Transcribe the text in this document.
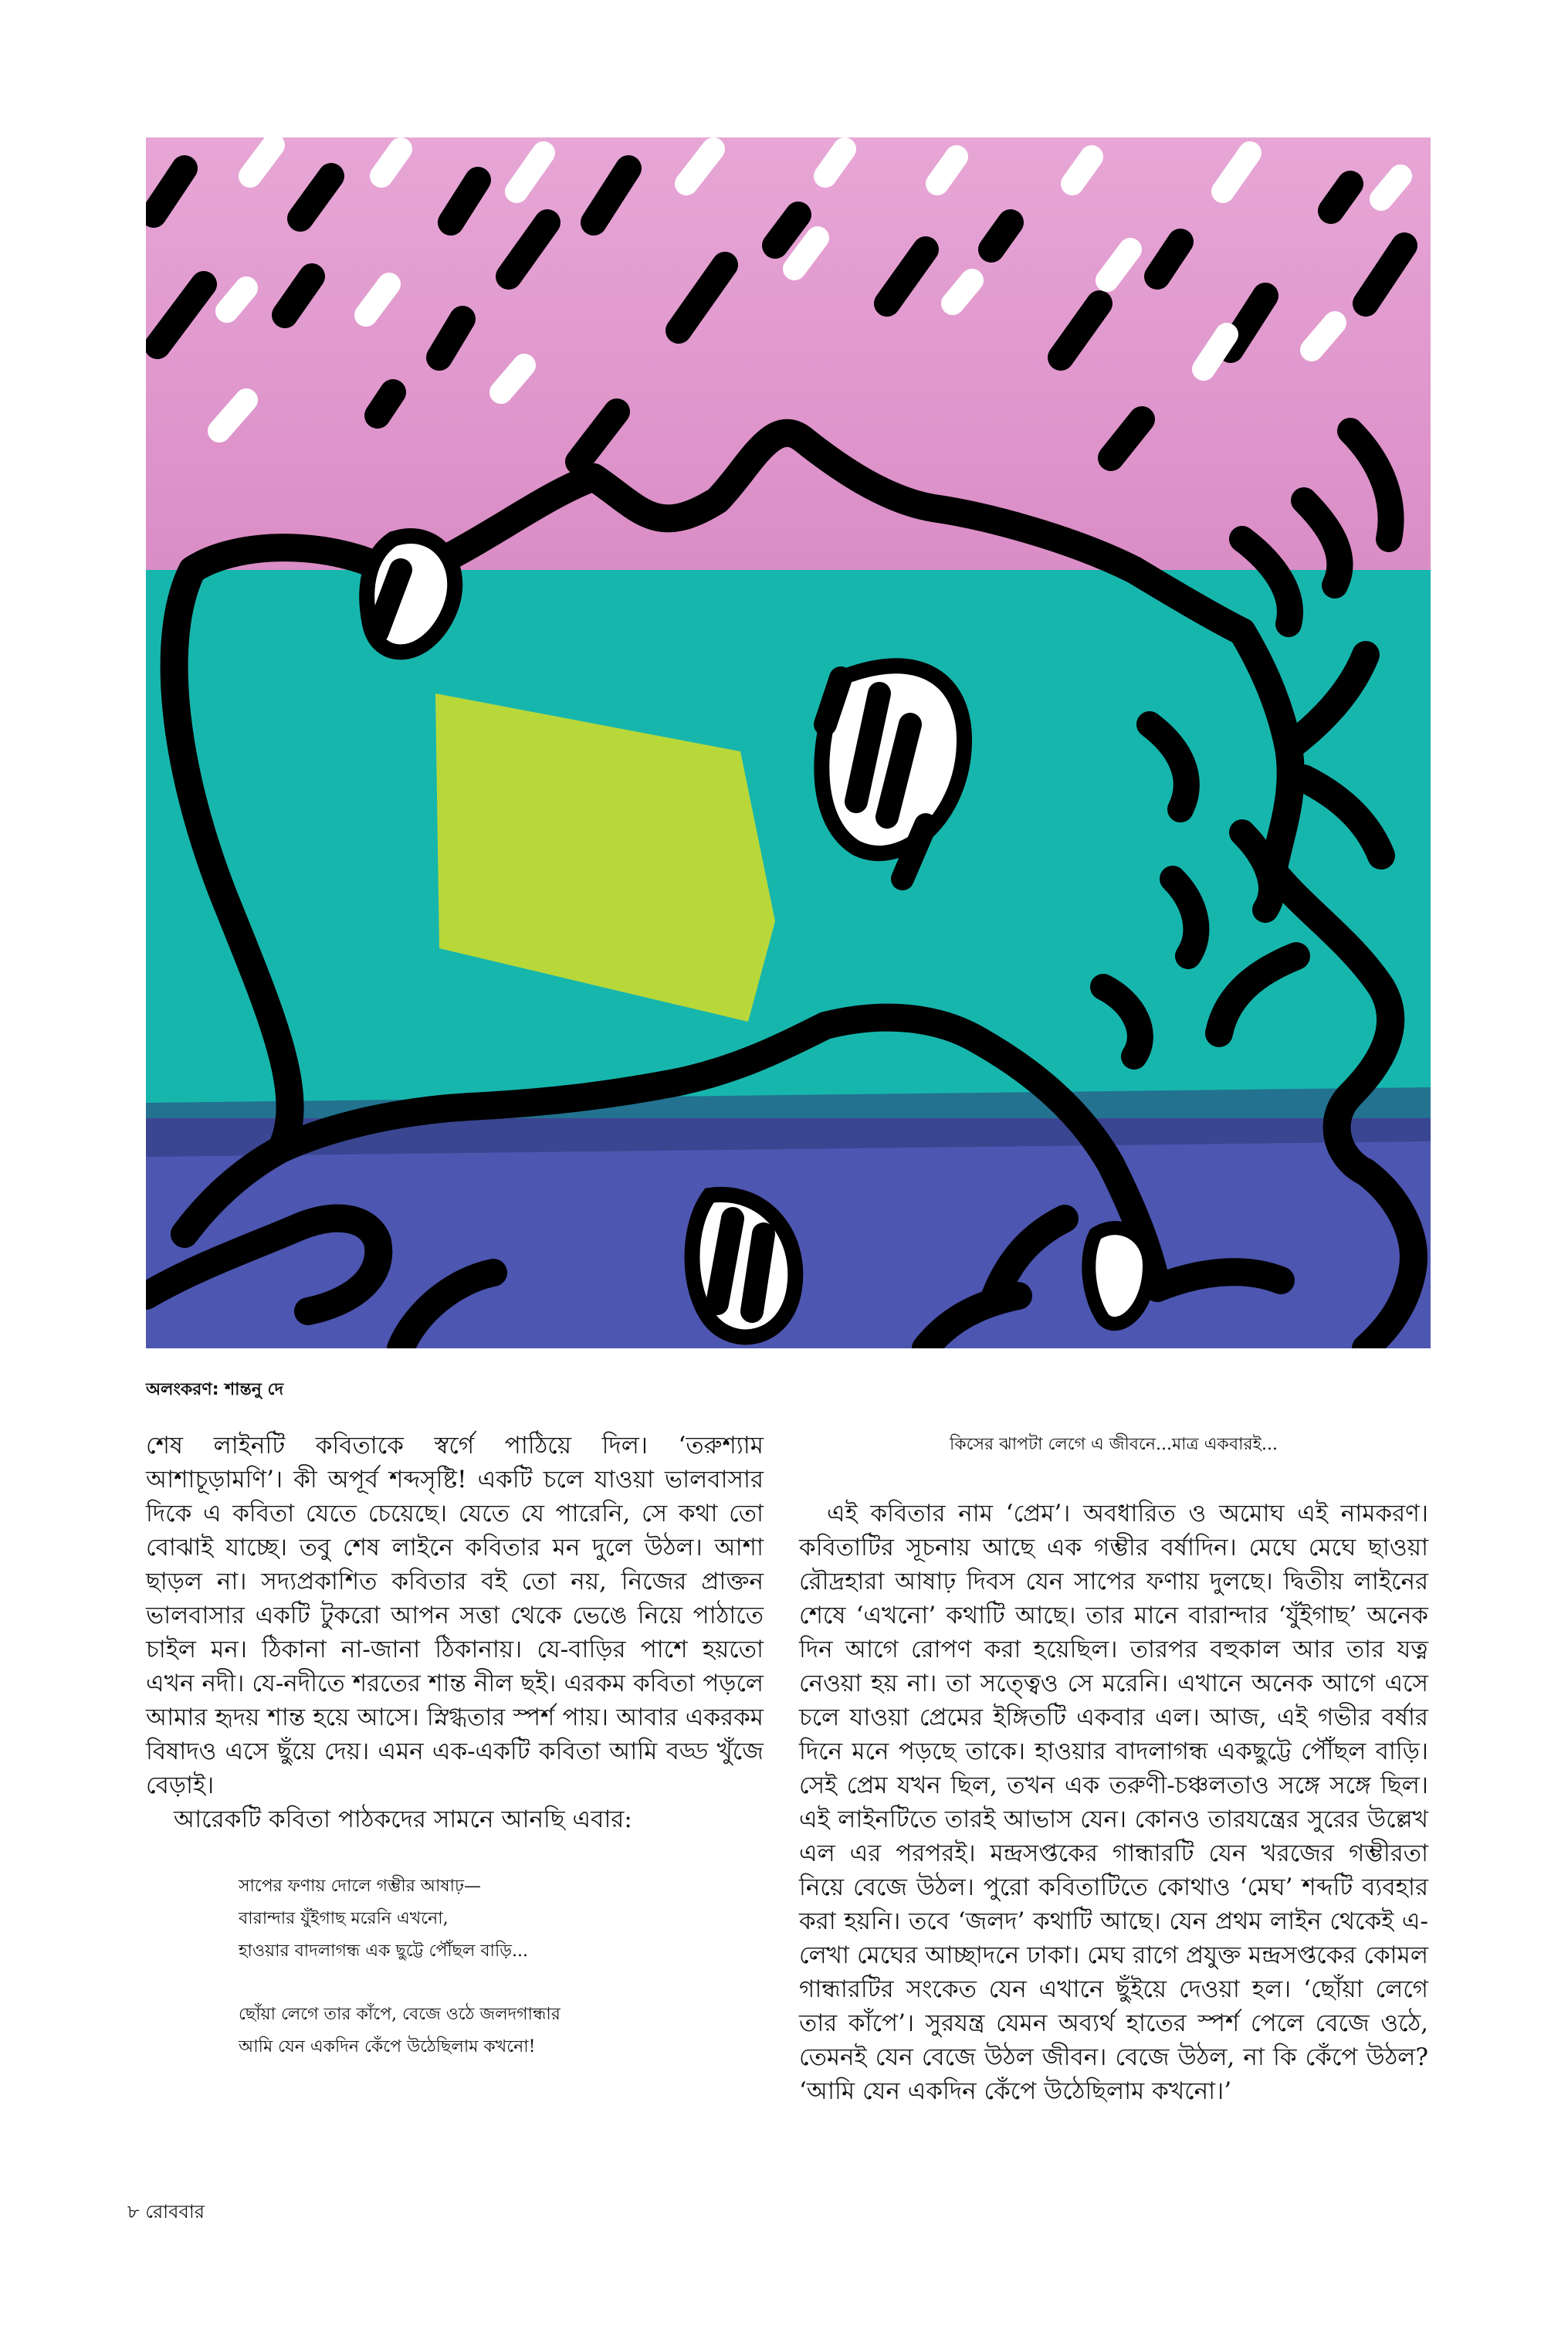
অলংকরণ: শান্তনু দে

শেষ লাইনটি কবিতাকে স্বর্গে পাঠিয়ে দিল। ‘তরুশ্যাম আশাচূড়ামণি’। কী অপূর্ব শব্দসৃষ্টি! একটি চলে যাওয়া ভালবাসার দিকে এ কবিতা যেতে চেয়েছে। যেতে যে পারেনি, সে কথা তো বোঝাই যাচ্ছে। তবু শেষ লাইনে কবিতার মন দুলে উঠল। আশা ছাড়ল না। সদ্যপ্রকাশিত কবিতার বই তো নয়, নিজের প্রাক্তন ভালবাসার একটি টুকরো আপন সত্তা থেকে ভেঙে নিয়ে পাঠাতে চাইল মন। ঠিকানা না-জানা ঠিকানায়। যে-বাড়ির পাশে হয়তো এখন নদী। যে-নদীতে শরতের শান্ত নীল ছই। এরকম কবিতা পড়লে আমার হৃদয় শান্ত হয়ে আসে। স্নিগ্ধতার স্পর্শ পায়। আবার একরকম বিষাদও এসে ছুঁয়ে দেয়। এমন এক-একটি কবিতা আমি বড্ড খুঁজে বেড়াই।

আরেকটি কবিতা পাঠকদের সামনে আনছি এবার:

সাপের ফণায় দোলে গম্ভীর আষাঢ়—

বারান্দার যুঁইগাছ মরেনি এখনো,

হাওয়ার বাদলাগন্ধ এক ছুট্টে পৌঁছল বাড়ি...

ছোঁয়া লেগে তার কাঁপে, বেজে ওঠে জলদগান্ধার

আমি যেন একদিন কেঁপে উঠেছিলাম কখনো!

কিসের ঝাপটা লেগে এ জীবনে...মাত্র একবারই...

এই কবিতার নাম ‘প্রেম’। অবধারিত ও অমোঘ এই নামকরণ। কবিতাটির সূচনায় আছে এক গম্ভীর বর্ষাদিন। মেঘে মেঘে ছাওয়া রৌদ্রহারা আষাঢ় দিবস যেন সাপের ফণায় দুলছে। দ্বিতীয় লাইনের শেষে ‘এখনো’ কথাটি আছে। তার মানে বারান্দার ‘যুঁইগাছ’ অনেক দিন আগে রোপণ করা হয়েছিল। তারপর বহুকাল আর তার যত্ন নেওয়া হয় না। তা সত্ত্বেও সে মরেনি। এখানে অনেক আগে এসে চলে যাওয়া প্রেমের ইঙ্গিতটি একবার এল। আজ, এই গভীর বর্ষার দিনে মনে পড়ছে তাকে। হাওয়ার বাদলাগন্ধ একছুট্টে পৌঁছল বাড়ি। সেই প্রেম যখন ছিল, তখন এক তরুণী-চঞ্চলতাও সঙ্গে সঙ্গে ছিল। এই লাইনটিতে তারই আভাস যেন। কোনও তারযন্ত্রের সুরের উল্লেখ এল এর পরপরই। মন্দ্রসপ্তকের গান্ধারটি যেন খরজের গম্ভীরতা নিয়ে বেজে উঠল। পুরো কবিতাটিতে কোথাও ‘মেঘ’ শব্দটি ব্যবহার করা হয়নি। তবে ‘জলদ’ কথাটি আছে। যেন প্রথম লাইন থেকেই এ-লেখা মেঘের আচ্ছাদনে ঢাকা। মেঘ রাগে প্রযুক্ত মন্দ্রসপ্তকের কোমল গান্ধারটির সংকেত যেন এখানে ছুঁইয়ে দেওয়া হল। ‘ছোঁয়া লেগে তার কাঁপে’। সুরযন্ত্র যেমন অব্যর্থ হাতের স্পর্শ পেলে বেজে ওঠে, তেমনই যেন বেজে উঠল জীবন। বেজে উঠল, না কি কেঁপে উঠল? ‘আমি যেন একদিন কেঁপে উঠেছিলাম কখনো।’

৮ রোববার
